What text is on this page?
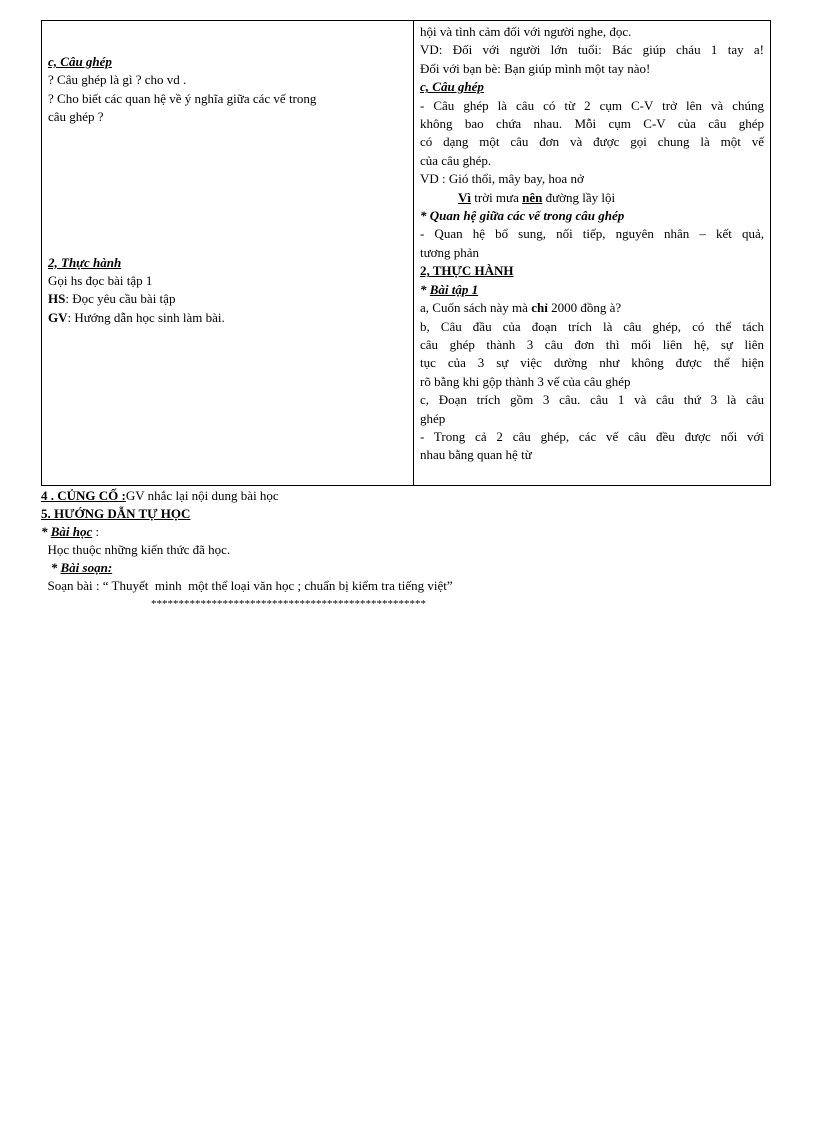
c, Câu ghép
? Câu ghép là gì ? cho vd .
? Cho biết các quan hệ về ý nghĩa giữa các vế trong
câu ghép ?
2, Thực hành
Gọi hs đọc bài tập 1
HS: Đọc yêu cầu bài tập
GV: Hướng dẫn học sinh làm bài.

hội và tình cảm đối với người nghe, đọc.
VD: Đối với người lớn tuổi: Bác giúp cháu 1 tay a!
Đối với bạn bè: Bạn giúp mình một tay nào!
c, Câu ghép
- Câu ghép là câu có từ 2 cụm C-V trở lên và chúng
không bao chứa nhau. Mỗi cụm C-V của câu ghép
có dạng một câu đơn và được gọi chung là một vế
của câu ghép.
VD : Gió thổi, mây bay, hoa nở
Vì trời mưa nên đường lầy lội
* Quan hệ giữa các vế trong câu ghép
- Quan hệ bổ sung, nối tiếp, nguyên nhân – kết quả,
tương phản
2, THỰC HÀNH
* Bài tập 1
a, Cuốn sách này mà chỉ 2000 đồng à?
b, Câu đầu của đoạn trích là câu ghép, có thể tách
câu ghép thành 3 câu đơn thì mối liên hệ, sự liên
tục của 3 sự việc dường như không được thể hiện
rõ bằng khi gộp thành 3 vế của câu ghép
c, Đoạn trích gồm 3 câu. câu 1 và câu thứ 3 là câu
ghép
- Trong cả 2 câu ghép, các vế câu đều được nối với
nhau bằng quan hệ từ
4 . CỦNG CỐ :GV nhắc lại nội dung bài học
5. HƯỚNG DẪN TỰ HỌC
* Bài học :
Học thuộc những kiến thức đã học.
* Bài soạn:
Soạn bài : “ Thuyết  minh  một thể loại văn học ; chuẩn bị kiểm tra tiếng việt”
**************************************************
